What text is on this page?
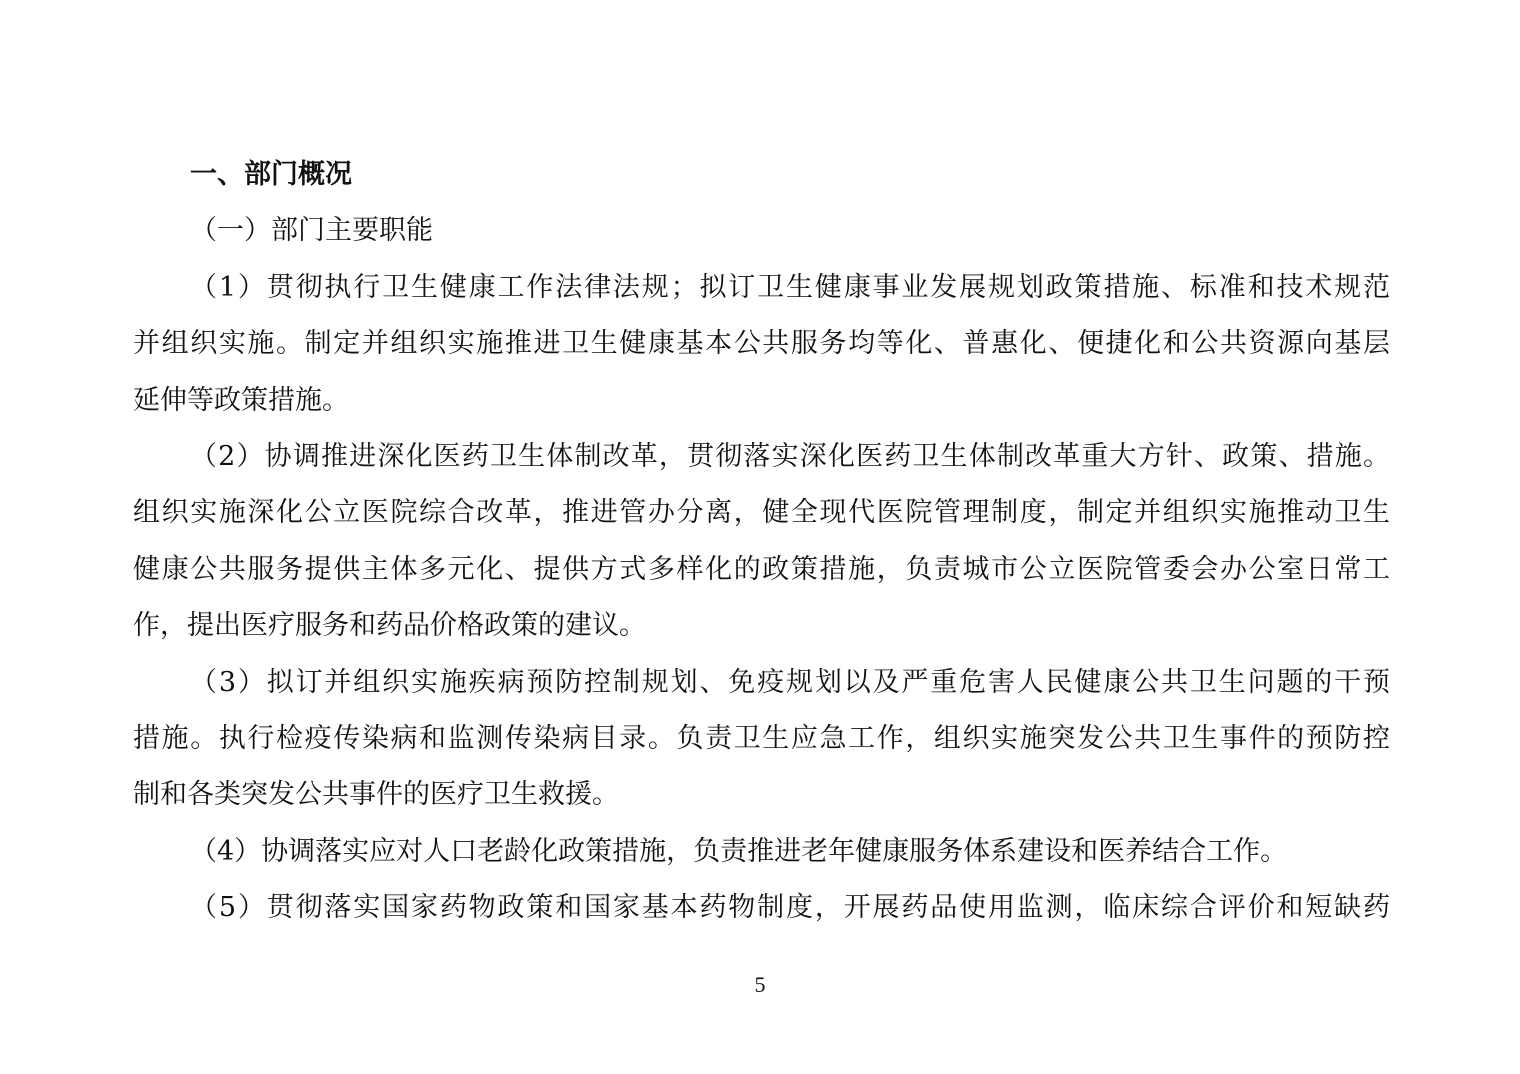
一、部门概况
（一）部门主要职能
（1）贯彻执行卫生健康工作法律法规；拟订卫生健康事业发展规划政策措施、标准和技术规范
并组织实施。制定并组织实施推进卫生健康基本公共服务均等化、普惠化、便捷化和公共资源向基层
延伸等政策措施。
（2）协调推进深化医药卫生体制改革，贯彻落实深化医药卫生体制改革重大方针、政策、措施。
组织实施深化公立医院综合改革，推进管办分离，健全现代医院管理制度，制定并组织实施推动卫生
健康公共服务提供主体多元化、提供方式多样化的政策措施，负责城市公立医院管委会办公室日常工
作，提出医疗服务和药品价格政策的建议。
（3）拟订并组织实施疾病预防控制规划、免疫规划以及严重危害人民健康公共卫生问题的干预
措施。执行检疫传染病和监测传染病目录。负责卫生应急工作，组织实施突发公共卫生事件的预防控
制和各类突发公共事件的医疗卫生救援。
（4）协调落实应对人口老龄化政策措施，负责推进老年健康服务体系建设和医养结合工作。
（5）贯彻落实国家药物政策和国家基本药物制度，开展药品使用监测，临床综合评价和短缺药
5
